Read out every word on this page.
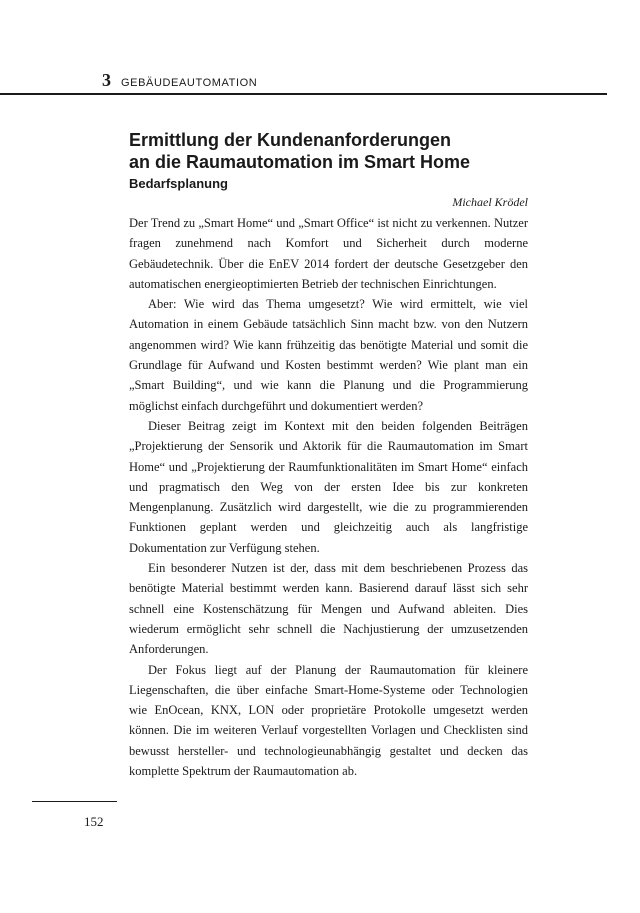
3 GEBÄUDEAUTOMATION
Ermittlung der Kundenanforderungen
an die Raumautomation im Smart Home
Bedarfsplanung
Michael Krödel

Der Trend zu „Smart Home“ und „Smart Office“ ist nicht zu verkennen. Nutzer fragen zunehmend nach Komfort und Sicherheit durch moderne Gebäudetechnik. Über die EnEV 2014 fordert der deutsche Gesetzgeber den automatischen energieoptimierten Betrieb der technischen Einrichtungen.

Aber: Wie wird das Thema umgesetzt? Wie wird ermittelt, wie viel Automation in einem Gebäude tatsächlich Sinn macht bzw. von den Nutzern angenommen wird? Wie kann frühzeitig das benötigte Material und somit die Grundlage für Aufwand und Kosten bestimmt werden? Wie plant man ein „Smart Building“, und wie kann die Planung und die Programmierung möglichst einfach durchgeführt und dokumentiert werden?

Dieser Beitrag zeigt im Kontext mit den beiden folgenden Beiträgen „Projektierung der Sensorik und Aktorik für die Raumautomation im Smart Home“ und „Projektierung der Raumfunktionalitäten im Smart Home“ einfach und pragmatisch den Weg von der ersten Idee bis zur konkreten Mengenplanung. Zusätzlich wird dargestellt, wie die zu programmierenden Funktionen geplant werden und gleichzeitig auch als langfristige Dokumentation zur Verfügung stehen.

Ein besonderer Nutzen ist der, dass mit dem beschriebenen Prozess das benötigte Material bestimmt werden kann. Basierend darauf lässt sich sehr schnell eine Kostenschätzung für Mengen und Aufwand ableiten. Dies wiederum ermöglicht sehr schnell die Nachjustierung der umzusetzenden Anforderungen.

Der Fokus liegt auf der Planung der Raumautomation für kleinere Liegenschaften, die über einfache Smart-Home-Systeme oder Technologien wie EnOcean, KNX, LON oder proprietäre Protokolle umgesetzt werden können. Die im weiteren Verlauf vorgestellten Vorlagen und Checklisten sind bewusst hersteller- und technologieunabhängig gestaltet und decken das komplette Spektrum der Raumautomation ab.

152
